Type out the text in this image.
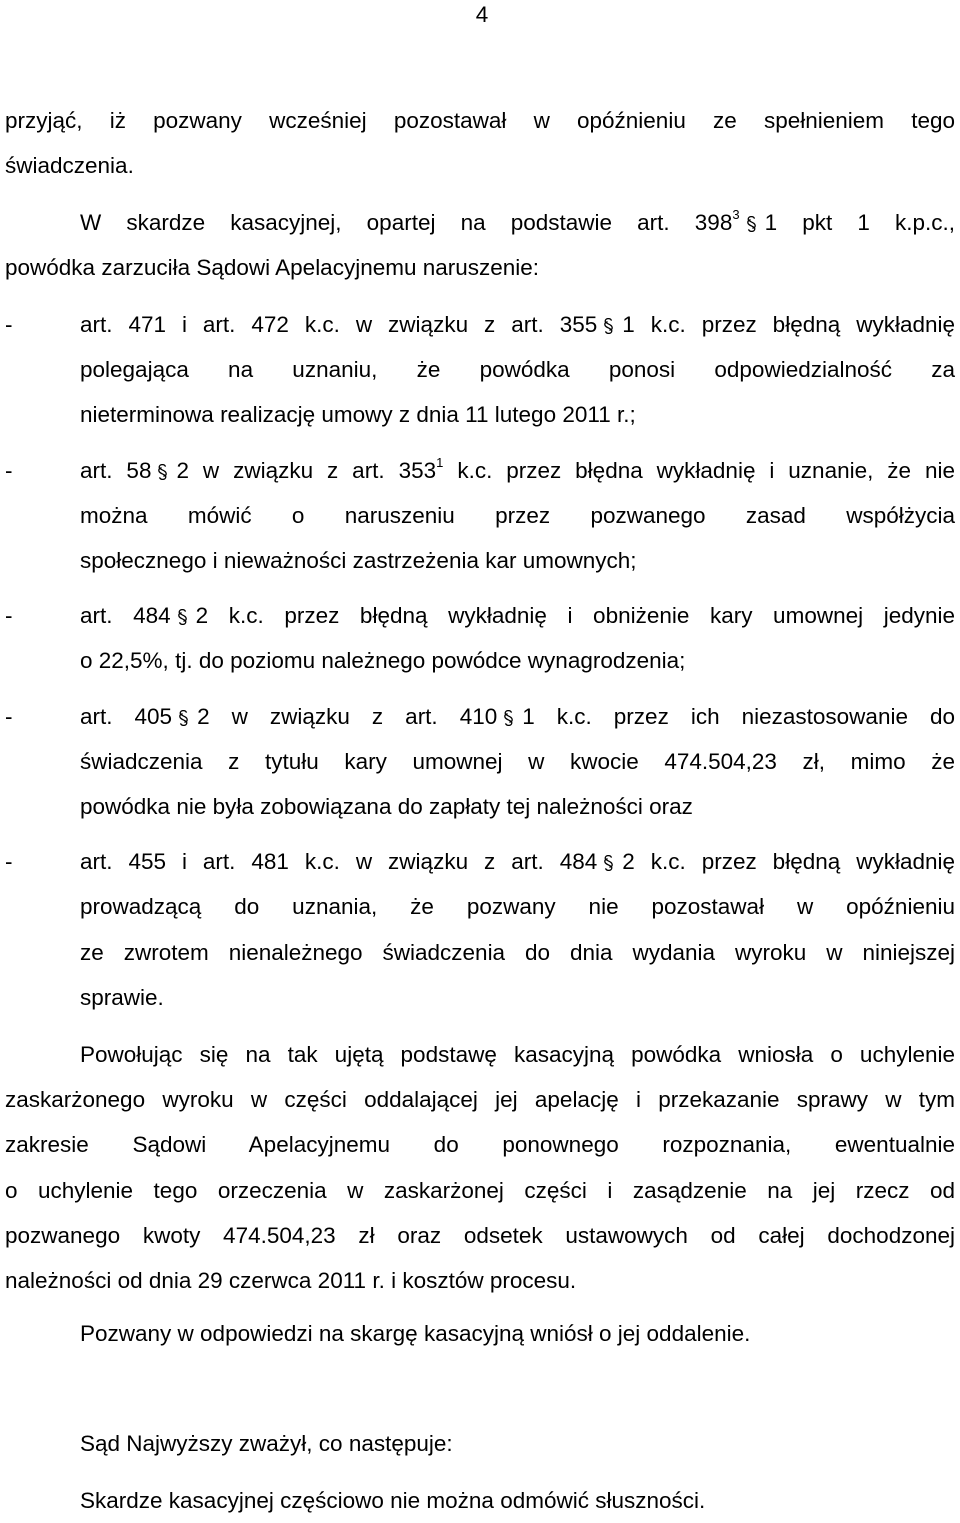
4
przyjąć, iż pozwany wcześniej pozostawał w opóźnieniu ze spełnieniem tego
świadczenia.
W skardze kasacyjnej, opartej na podstawie art. $398^3$ 1 pkt 1 k.p.c.,
powódka zarzuciła Sądowi Apelacyjnemu naruszenie:
-	art. 471 i art. 472 k.c. w związku z art. 355 1 k.c. przez błędną wykładnię
polegająca na uznaniu, że powódka ponosi odpowiedzialność za
nieterminowa realizację umowy z dnia 11 lutego 2011 r.;
-	art. 58 2 w związku z art. $353^1$ k.c. przez błędna wykładnię i uznanie, że nie
można mówić o naruszeniu przez pozwanego zasad współżycia
społecznego i nieważności zastrzeżenia kar umownych;
-	art. 484 2 k.c. przez błędną wykładnię i obniżenie kary umownej jedynie
o 22,5%, tj. do poziomu należnego powódce wynagrodzenia;
-	art. 405 2 w związku z art. 410 1 k.c. przez ich niezastosowanie do
świadczenia z tytułu kary umownej w kwocie 474.504,23 zł, mimo że
powódka nie była zobowiązana do zapłaty tej należności oraz
-	art. 455 i art. 481 k.c. w związku z art. 484 2 k.c. przez błędną wykładnię
prowadzącą do uznania, że pozwany nie pozostawał w opóźnieniu
ze zwrotem nienależnego świadczenia do dnia wydania wyroku w niniejszej
sprawie.
Powołując się na tak ujętą podstawę kasacyjną powódka wniosła o uchylenie
zaskarżonego wyroku w części oddalającej jej apelację i przekazanie sprawy w tym
zakresie Sądowi Apelacyjnemu do ponownego rozpoznania, ewentualnie
o uchylenie tego orzeczenia w zaskarżonej części i zasądzenie na jej rzecz od
pozwanego kwoty 474.504,23 zł oraz odsetek ustawowych od całej dochodzonej
należności od dnia 29 czerwca 2011 r. i kosztów procesu.
Pozwany w odpowiedzi na skargę kasacyjną wniósł o jej oddalenie.
Sąd Najwyższy zważył, co następuje:
Skardze kasacyjnej częściowo nie można odmówić słuszności.
